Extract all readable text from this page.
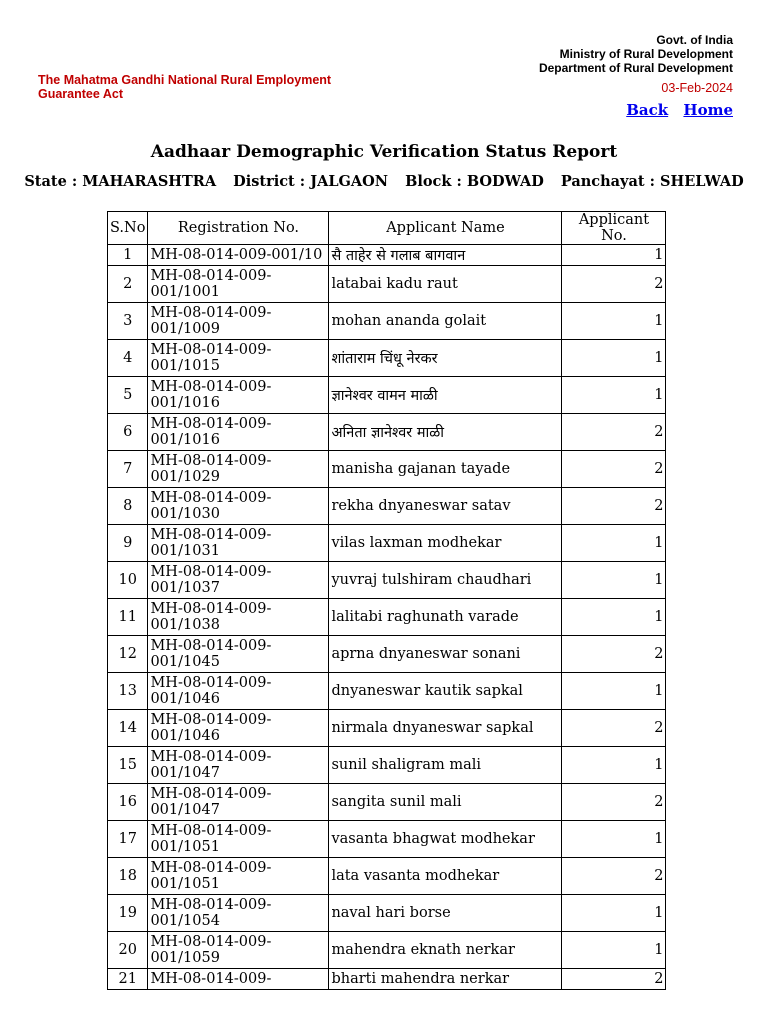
The Mahatma Gandhi National Rural Employment Guarantee Act
Govt. of India
Ministry of Rural Development
Department of Rural Development
03-Feb-2024
Back Home
Aadhaar Demographic Verification Status Report
State : MAHARASHTRA District : JALGAON Block : BODWAD Panchayat : SHELWAD
S.No	Registration No.	Applicant Name	Applicant No.
1	MH-08-014-009-001/10	सै ताहेर से गलाब बागवान	1
2	MH-08-014-009-001/1001	latabai kadu raut	2
3	MH-08-014-009-001/1009	mohan ananda golait	1
4	MH-08-014-009-001/1015	शांताराम चिंधू नेरकर	1
5	MH-08-014-009-001/1016	ज्ञानेश्वर वामन माळी	1
6	MH-08-014-009-001/1016	अनिता ज्ञानेश्वर माळी	2
7	MH-08-014-009-001/1029	manisha gajanan tayade	2
8	MH-08-014-009-001/1030	rekha dnyaneswar satav	2
9	MH-08-014-009-001/1031	vilas laxman modhekar	1
10	MH-08-014-009-001/1037	yuvraj tulshiram chaudhari	1
11	MH-08-014-009-001/1038	lalitabi raghunath varade	1
12	MH-08-014-009-001/1045	aprna dnyaneswar sonani	2
13	MH-08-014-009-001/1046	dnyaneswar kautik sapkal	1
14	MH-08-014-009-001/1046	nirmala dnyaneswar sapkal	2
15	MH-08-014-009-001/1047	sunil shaligram mali	1
16	MH-08-014-009-001/1047	sangita sunil mali	2
17	MH-08-014-009-001/1051	vasanta bhagwat modhekar	1
18	MH-08-014-009-001/1051	lata vasanta modhekar	2
19	MH-08-014-009-001/1054	naval hari borse	1
20	MH-08-014-009-001/1059	mahendra eknath nerkar	1
21	MH-08-014-009-	bharti mahendra nerkar	2
